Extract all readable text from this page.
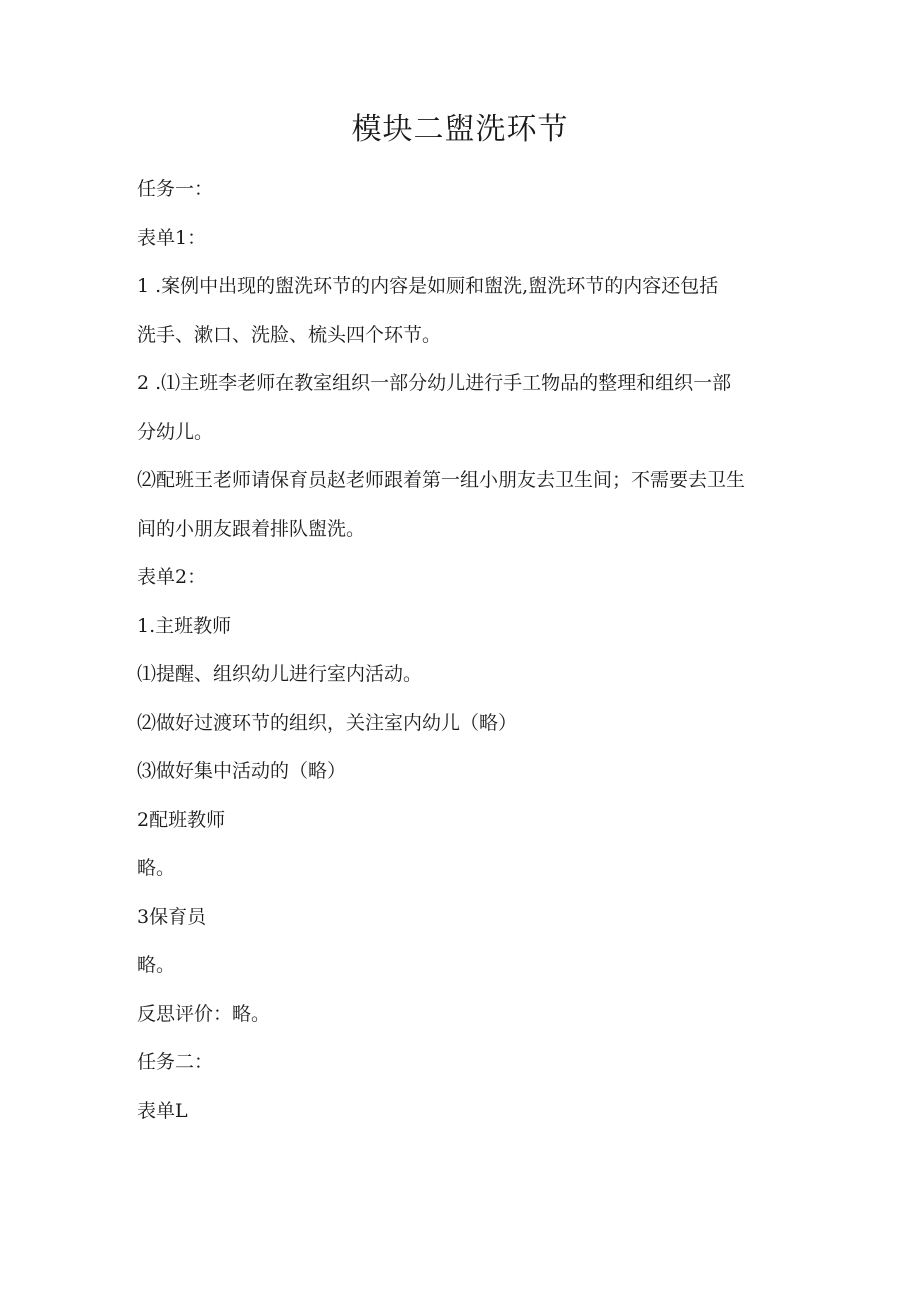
模块二盥洗环节

任务一：

表单1：

1 .案例中出现的盥洗环节的内容是如厕和盥洗,盥洗环节的内容还包括

洗手、漱口、洗脸、梳头四个环节。

2 .⑴主班李老师在教室组织一部分幼儿进行手工物品的整理和组织一部

分幼儿。

⑵配班王老师请保育员赵老师跟着第一组小朋友去卫生间；不需要去卫生

间的小朋友跟着排队盥洗。

表单2：

1.主班教师

⑴提醒、组织幼儿进行室内活动。

⑵做好过渡环节的组织，关注室内幼儿（略）

⑶做好集中活动的（略）

2配班教师

略。

3保育员

略。

反思评价：略。

任务二：

表单L
